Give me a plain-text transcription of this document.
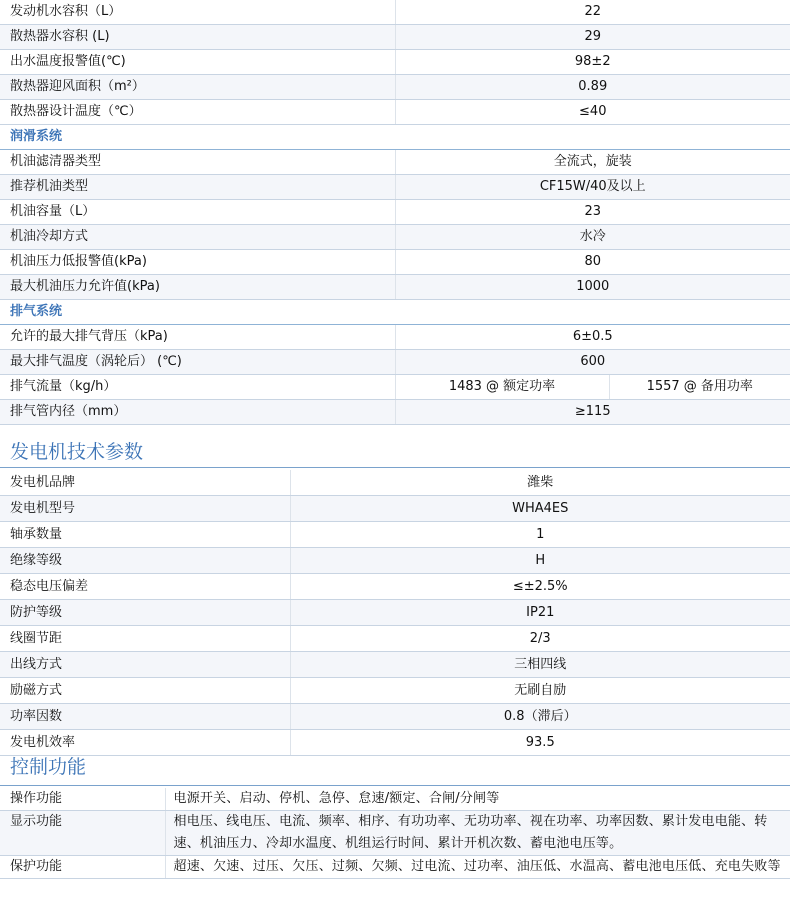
发动机水容积（L）	22	
散热器水容积 (L)	29	
出水温度报警值(℃)	98±2	
散热器迎风面积（m²）	0.89	
散热器设计温度（℃）	≤40	
润滑系统		
机油滤清器类型	全流式，旋装	
推荐机油类型	CF15W/40及以上	
机油容量（L）	23	
机油冷却方式	水冷	
机油压力低报警值(kPa)	80	
最大机油压力允许值(kPa)	1000	
排气系统		
允许的最大排气背压（kPa)	6±0.5	
最大排气温度（涡轮后） (℃)	600	
排气流量（kg/h）	1483 @ 额定功率	1557 @ 备用功率
排气管内径（mm）	≥115	
发电机技术参数
发电机品牌	潍柴
发电机型号	WHA4ES
轴承数量	1
绝缘等级	H
稳态电压偏差	≤±2.5%
防护等级	IP21
线圈节距	2/3
出线方式	三相四线
励磁方式	无刷自励
功率因数	0.8（滞后）
发电机效率	93.5
控制功能
操作功能	电源开关、启动、停机、急停、怠速/额定、合闸/分闸等
显示功能	相电压、线电压、电流、频率、相序、有功功率、无功功率、视在功率、功率因数、累计发电电能、转速、机油压力、冷却水温度、机组运行时间、累计开机次数、蓄电池电压等。
保护功能	超速、欠速、过压、欠压、过频、欠频、过电流、过功率、油压低、水温高、蓄电池电压低、充电失败等
